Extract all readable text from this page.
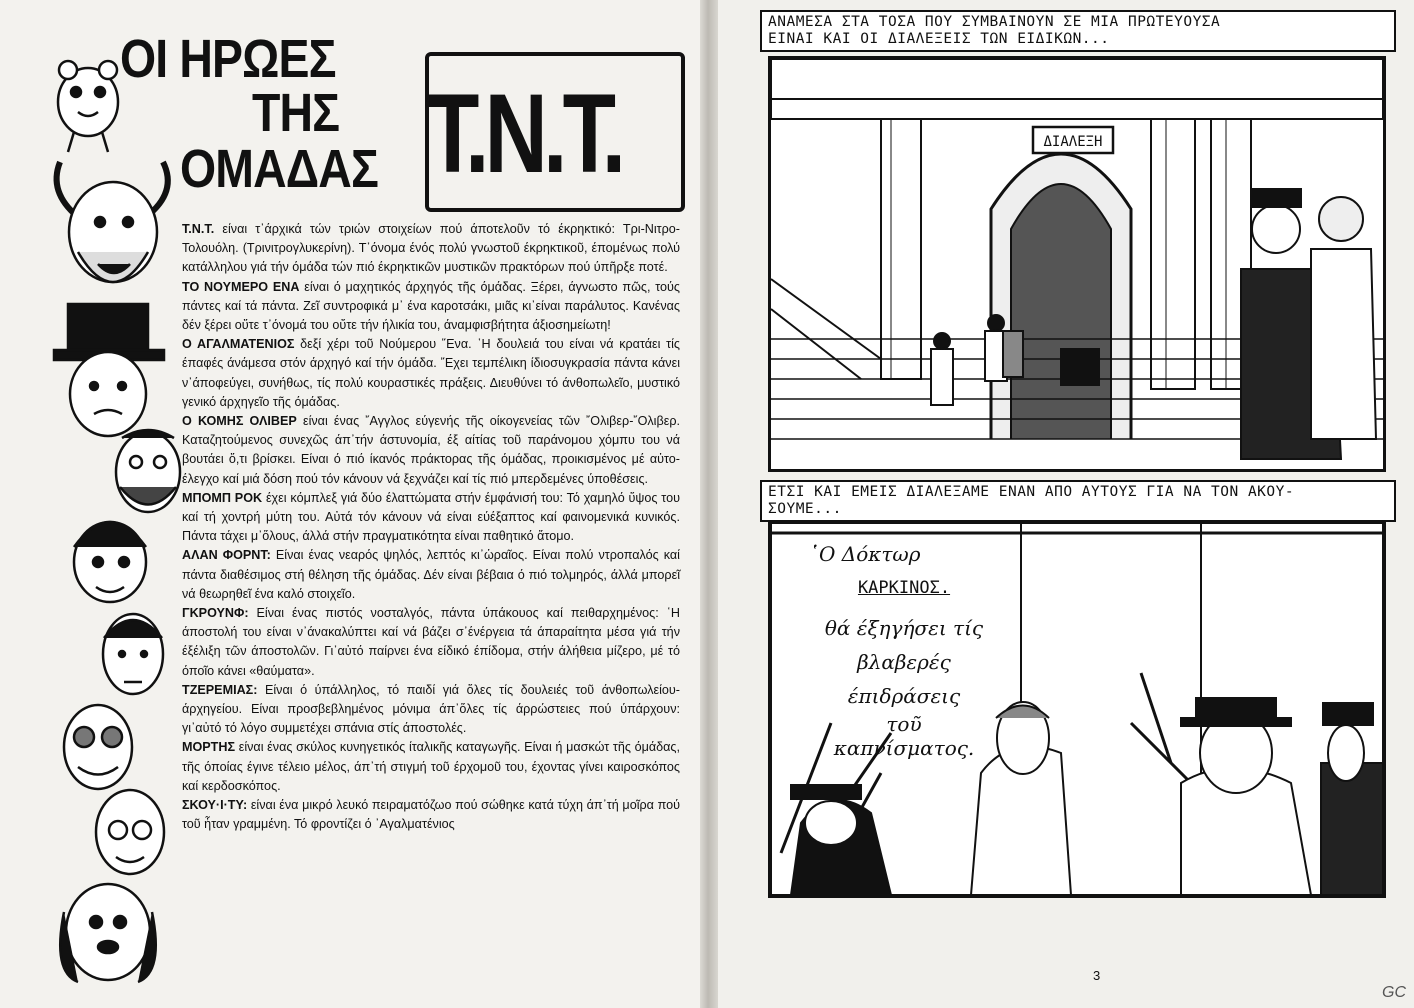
ΟΙ ΗΡΩΕΣ
ΤΗΣ
ΟΜΑΔΑΣ Τ.Ν.Τ.

Τ.Ν.Τ. είναι τ᾽άρχικά τών τριών στοιχείων πού άποτελοῦν τό έκρηκτικό: Τρι-Νιτρο-Τολουόλη. (Τρινιτρογλυκερίνη). Τ᾽όνομα ένός πολύ γνωστοῦ έκρηκτικοῦ, έπομένως πολύ κατάλληλου γιά τήν όμάδα τών πιό έκρηκτικῶν μυστικῶν πρακτόρων πού ύπῆρξε ποτέ.

ΤΟ ΝΟΥΜΕΡΟ ΕΝΑ είναι ό μαχητικός άρχηγός τῆς όμάδας. Ξέρει, άγνωστο πῶς, τούς πάντες καί τά πάντα. Ζεῖ συντροφικά μ᾽ ένα καροτσάκι, μιᾶς κι᾽είναι παράλυτος. Κανένας δέν ξέρει οὔτε τ᾽όνομά του οὔτε τήν ήλικία του, άναμφισβήτητα άξιοσημείωτη!

Ο ΑΓΑΛΜΑΤΕΝΙΟΣ δεξί χέρι τοῦ Νούμερου ῞Ενα. ῾Η δουλειά του είναι νά κρατάει τίς έπαφές άνάμεσα στόν άρχηγό καί τήν όμάδα. ῎Εχει τεμπέλικη ίδιοσυγκρασία πάντα κάνει ν᾽άποφεύγει, συνήθως, τίς πολύ κουραστικές πράξεις. Διευθύνει τό άνθοπωλεῖο, μυστικό γενικό άρχηγεῖο τῆς όμάδας.

Ο ΚΟΜΗΣ ΟΛΙΒΕΡ είναι ένας ῎Αγγλος εύγενής τῆς οίκογενείας τῶν ῎Ολιβερ-῎Ολιβερ. Καταζητούμενος συνεχῶς άπ᾽τήν άστυνομία, έξ αίτίας τοῦ παράνομου χόμπυ του νά βουτάει ὅ,τι βρίσκει. Είναι ό πιό ίκανός πράκτορας τῆς όμάδας, προικισμένος μέ αὐτο-έλεγχο καί μιά δόση πού τόν κάνουν νά ξεχνάζει καί τίς πιό μπερδεμένες ύποθέσεις.

ΜΠΟΜΠ ΡΟΚ έχει κόμπλεξ γιά δύο έλαττώματα στήν έμφάνισή του: Τό χαμηλό ὕψος του καί τή χοντρή μύτη του. Αὐτά τόν κάνουν νά είναι εύέξαπτος καί φαινομενικά κυνικός. Πάντα τάχει μ᾽ὅλους, άλλά στήν πραγματικότητα είναι παθητικό ἄτομο.

ΑΛΑΝ ΦΟΡΝΤ: Είναι ένας νεαρός ψηλός, λεπτός κι᾽ὡραῖος. Είναι πολύ ντροπαλός καί πάντα διαθέσιμος στή θέληση τῆς όμάδας. Δέν είναι βέβαια ό πιό τολμηρός, άλλά μπορεῖ νά θεωρηθεῖ ένα καλό στοιχεῖο.

ΓΚΡΟΥΝΦ: Είναι ένας πιστός νοσταλγός, πάντα ύπάκουος καί πειθαρχημένος: ῾Η άποστολή του είναι ν᾽άνακαλύπτει καί νά βάζει σ᾽ένέργεια τά άπαραίτητα μέσα γιά τήν έξέλιξη τῶν άποστολῶν. Γι᾽αὐτό παίρνει ένα είδικό έπίδομα, στήν άλήθεια μίζερο, μέ τό όποῖο κάνει «θαύματα».

ΤΖΕΡΕΜΙΑΣ: Είναι ό ύπάλληλος, τό παιδί γιά ὅλες τίς δουλειές τοῦ άνθοπωλείου-άρχηγείου. Είναι προσβεβλημένος μόνιμα άπ᾽ὅλες τίς άρρώστειες πού ύπάρχουν: γι᾽αὐτό τό λόγο συμμετέχει σπάνια στίς άποστολές.

ΜΟΡΤΗΣ είναι ένας σκύλος κυνηγετικός ίταλικῆς καταγωγῆς. Είναι ή μασκώτ τῆς όμάδας, τῆς όποίας έγινε τέλειο μέλος, άπ᾽τή στιγμή τοῦ έρχομοῦ του, έχοντας γίνει καιροσκόπος καί κερδοσκόπος.

ΣΚΟΥ·Ι·ΤΥ: είναι ένα μικρό λευκό πειραματόζωο πού σώθηκε κατά τύχη άπ᾽τή μοῖρα πού τοῦ ἦταν γραμμένη. Τό φροντίζει ό ᾽Αγαλματένιος

ΑΝΑΜΕΣΑ ΣΤΑ ΤΟΣΑ ΠΟΥ ΣΥΜΒΑΙΝΟΥΝ ΣΕ ΜΙΑ ΠΡΩΤΕΥΟΥΣΑ
ΕΙΝΑΙ ΚΑΙ ΟΙ ΔΙΑΛΕΞΕΙΣ ΤΩΝ ΕΙΔΙΚΩΝ...
ΔΙΑΛΕΞΗ
ΕΤΣΙ ΚΑΙ ΕΜΕΙΣ ΔΙΑΛΕΞΑΜΕ ΕΝΑΝ ΑΠΟ ΑΥΤΟΥΣ ΓΙΑ ΝΑ ΤΟΝ ΑΚΟΥ-
ΣΟΥΜΕ...
῾Ο Δόκτωρ
ΚΑΡΚΙΝΟΣ.
θά έξηγήσει τίς
βλαβερές
έπιδράσεις
τοῦ
καπνίσματος.
3
GC
